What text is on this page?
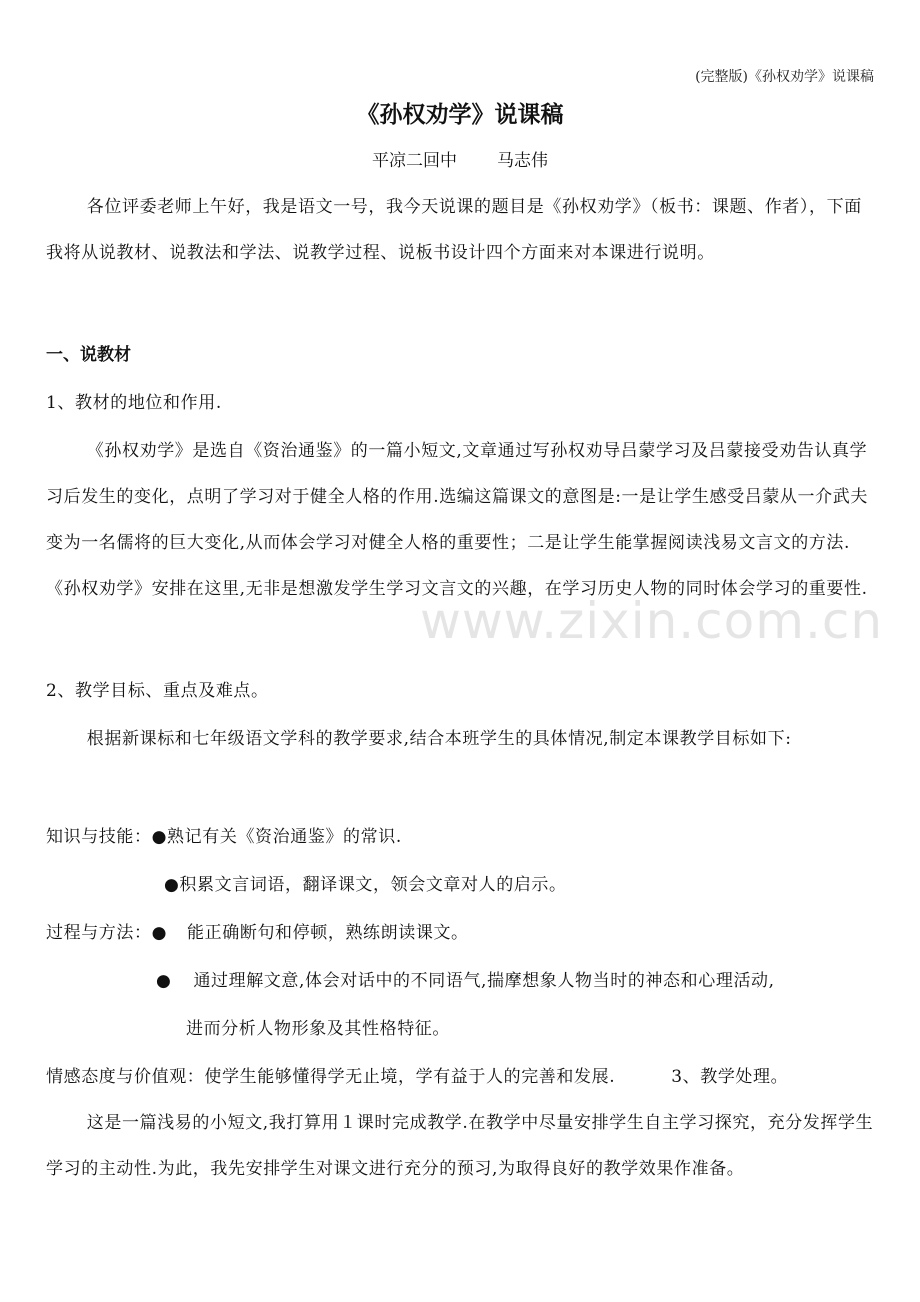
(完整版)《孙权劝学》说课稿
《孙权劝学》说课稿
平凉二回中 马志伟
各位评委老师上午好，我是语文一号，我今天说课的题目是《孙权劝学》（板书：课题、作者），下面我将从说教材、说教法和学法、说教学过程、说板书设计四个方面来对本课进行说明。
一、说教材
1、教材的地位和作用.
《孙权劝学》是选自《资治通鉴》的一篇小短文,文章通过写孙权劝导吕蒙学习及吕蒙接受劝告认真学习后发生的变化，点明了学习对于健全人格的作用.选编这篇课文的意图是:一是让学生感受吕蒙从一介武夫变为一名儒将的巨大变化,从而体会学习对健全人格的重要性；二是让学生能掌握阅读浅易文言文的方法.《孙权劝学》安排在这里,无非是想激发学生学习文言文的兴趣，在学习历史人物的同时体会学习的重要性.
2、教学目标、重点及难点。
根据新课标和七年级语文学科的教学要求,结合本班学生的具体情况,制定本课教学目标如下:
知识与技能：●熟记有关《资治通鉴》的常识.
●积累文言词语，翻译课文，领会文章对人的启示。
过程与方法：● 能正确断句和停顿，熟练朗读课文。
● 通过理解文意,体会对话中的不同语气,揣摩想象人物当时的神态和心理活动,
进而分析人物形象及其性格特征。
情感态度与价值观：使学生能够懂得学无止境，学有益于人的完善和发展.	3、教学处理。
这是一篇浅易的小短文,我打算用１课时完成教学.在教学中尽量安排学生自主学习探究，充分发挥学生学习的主动性.为此，我先安排学生对课文进行充分的预习,为取得良好的教学效果作准备。
www.zixin.com.cn
